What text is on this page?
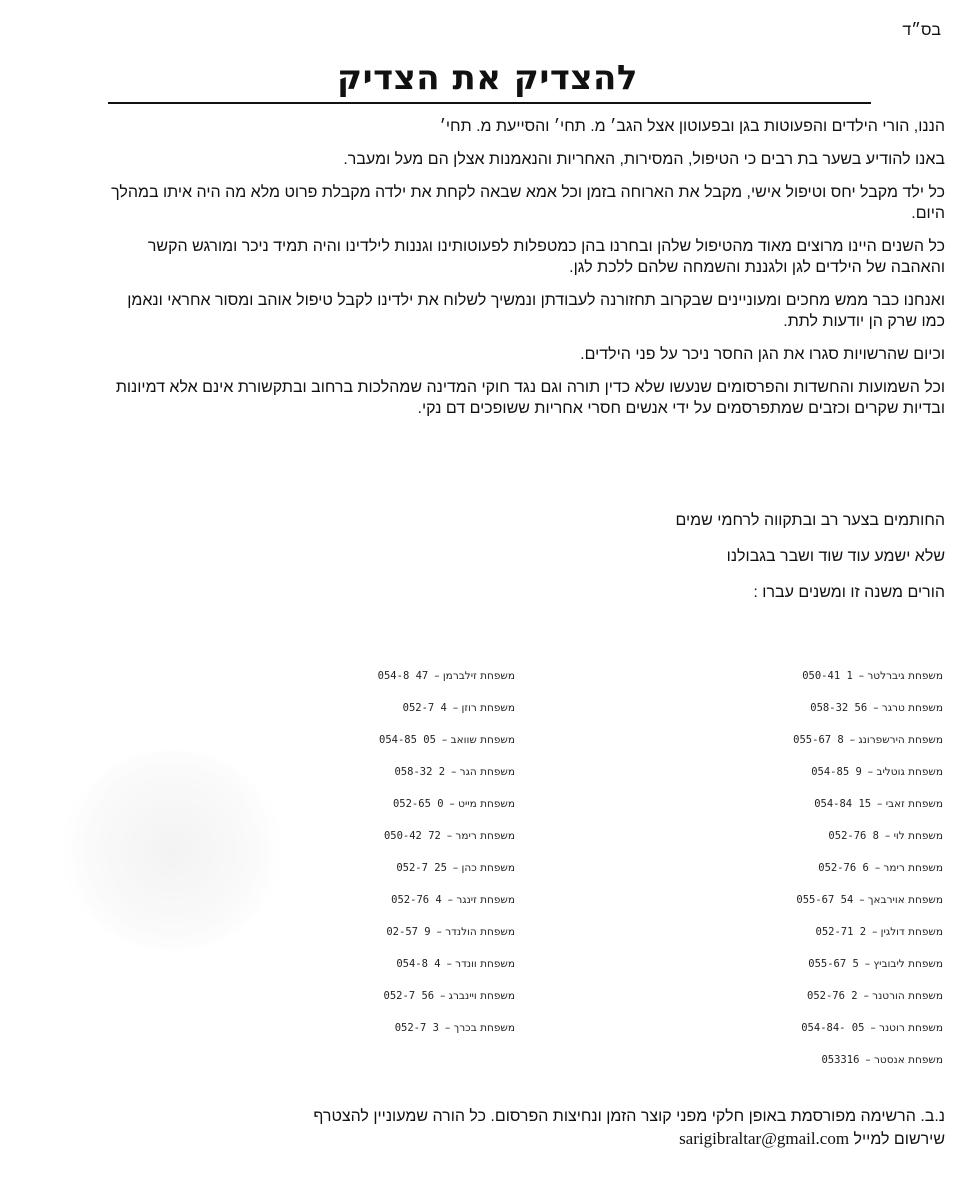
בס״ד
להצדיק את הצדיק

הננו, הורי הילדים והפעוטות בגן ובפעוטון אצל הגב׳ מ. תחי׳ והסייעת מ. תחי׳

באנו להודיע בשער בת רבים כי הטיפול, המסירות, האחריות והנאמנות אצלן הם מעל ומעבר.

כל ילד מקבל יחס וטיפול אישי, מקבל את הארוחה בזמן וכל אמא שבאה לקחת את ילדה מקבלת פרוט מלא מה היה איתו במהלך היום.

כל השנים היינו מרוצים מאוד מהטיפול שלהן ובחרנו בהן כמטפלות לפעוטותינו וגננות לילדינו והיה תמיד ניכר ומורגש הקשר והאהבה של הילדים לגן ולגננת והשמחה שלהם ללכת לגן.

ואנחנו כבר ממש מחכים ומעוניינים שבקרוב תחזורנה לעבודתן ונמשיך לשלוח את ילדינו לקבל טיפול אוהב ומסור אחראי ונאמן כמו שרק הן יודעות לתת.

וכיום שהרשויות סגרו את הגן החסר ניכר על פני הילדים.

וכל השמועות והחשדות והפרסומים שנעשו שלא כדין תורה וגם נגד חוקי המדינה שמהלכות ברחוב ובתקשורת אינם אלא דמיונות ובדיות שקרים וכזבים שמתפרסמים על ידי אנשים חסרי אחריות ששופכים דם נקי.

החותמים בצער רב ובתקווה לרחמי שמים
שלא ישמע עוד שוד ושבר בגבולנו
הורים משנה זו ומשנים עברו :
משפחת גיברלטר –050-41 1
משפחת טרגר –058-32 56
משפחת הירשפרונג –055-67 8
משפחת גוטליב –054-85 9
משפחת זאבי –054-84 15
משפחת לוי –052-76 8
משפחת רימר –052-76 6
משפחת אוירבאך –055-67 54
משפחת דולגין –052-71 2
משפחת ליבוביץ –055-67 5
משפחת הורטנר –052-76 2
משפחת רוטנר –054-84- 05
משפחת אנסטר –053316
משפחת זילברמן –054-8 47
משפחת רוזן –052-7 4
משפחת שוואב –054-85 05
משפחת הגר –058-32 2
משפחת מייט –052-65 0
משפחת רימר –050-42 72
משפחת כהן –052-7 25
משפחת זינגר –052-76 4
משפחת הולנדר –02-57 9
משפחת וונדר –054-8 4
משפחת ויינברג –052-7 56
משפחת בכרך –052-7 3
נ.ב. הרשימה מפורסמת באופן חלקי מפני קוצר הזמן ונחיצות הפרסום. כל הורה שמעוניין להצטרף
שירשום למייל sarigibraltar@gmail.com
